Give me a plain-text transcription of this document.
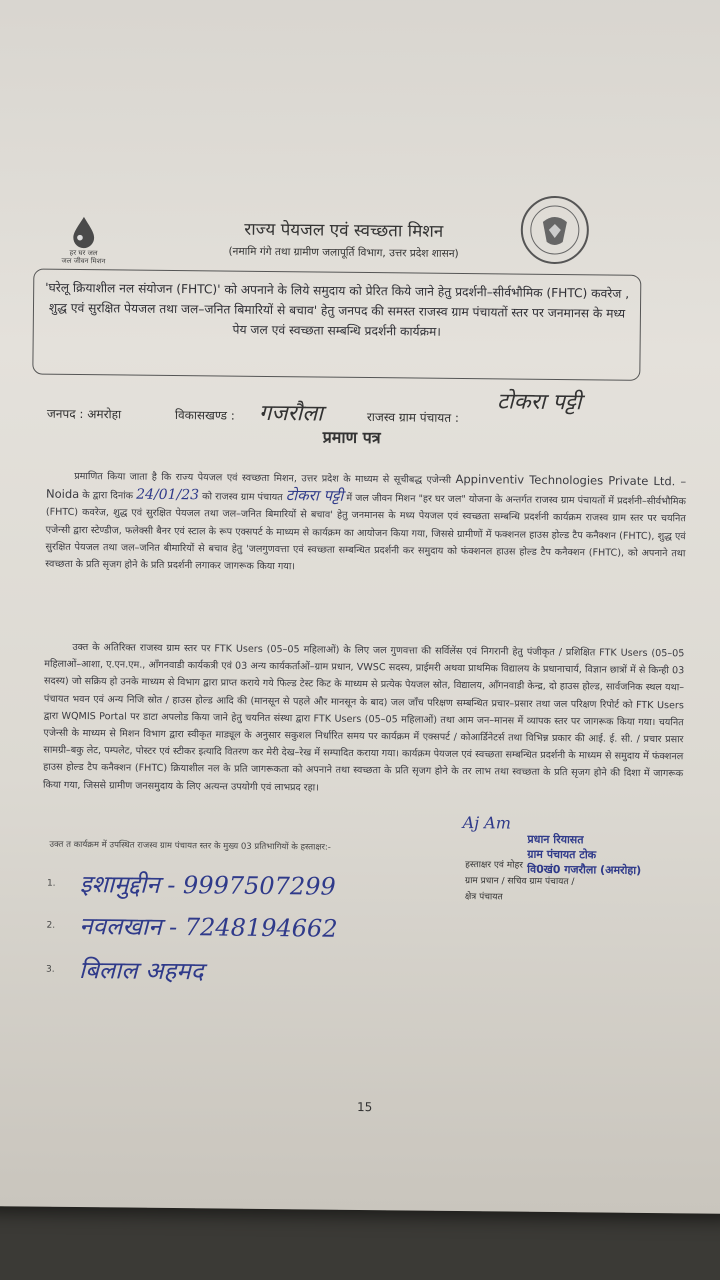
हर घर जल
जल जीवन मिशन
राज्य पेयजल एवं स्वच्छता मिशन
(नमामि गंगे तथा ग्रामीण जलापूर्ति विभाग, उत्तर प्रदेश शासन)
'घरेलू क्रियाशील नल संयोजन (FHTC)' को अपनाने के लिये समुदाय को प्रेरित किये जाने हेतु प्रदर्शनी–सीर्वभौमिक (FHTC) कवरेज , शुद्ध एवं सुरक्षित पेयजल तथा जल–जनित बिमारियों से बचाव' हेतु जनपद की समस्त राजस्व ग्राम पंचायतों स्तर पर जनमानस के मध्य पेय जल एवं स्वच्छता सम्बन्धि प्रदर्शनी कार्यक्रम।
जनपद : अमरोहा	विकासखण्ड : गजरौला	राजस्व ग्राम पंचायत :
टोकरा पट्टी
प्रमाण पत्र

प्रमाणित किया जाता है कि राज्य पेयजल एवं स्वच्छता मिशन, उत्तर प्रदेश के माध्यम से सूचीबद्ध एजेन्सी Appinventiv Technologies Private Ltd. – Noida के द्वारा दिनांक 24/01/23 को राजस्व ग्राम पंचायत टोकरा पट्टी में जल जीवन मिशन "हर घर जल" योजना के अन्तर्गत राजस्व ग्राम पंचायतों में प्रदर्शनी–सीर्वभौमिक (FHTC) कवरेज, शुद्ध एवं सुरक्षित पेयजल तथा जल–जनित बिमारियों से बचाव' हेतु जनमानस के मध्य पेयजल एवं स्वच्छता सम्बन्धि प्रदर्शनी कार्यक्रम राजस्व ग्राम स्तर पर चयनित एजेन्सी द्वारा स्टेण्डीज, फलेक्सी बैनर एवं स्टाल के रूप एक्सपर्ट के माध्यम से कार्यक्रम का आयोजन किया गया, जिससे ग्रामीणों में फक्शनल हाउस होल्ड टैप कनैक्शन (FHTC), शुद्ध एवं सुरक्षित पेयजल तथा जल–जनित बीमारियों से बचाव हेतु 'जलगुणवत्ता एवं स्वच्छता सम्बन्धित प्रदर्शनी कर समुदाय को फंक्शनल हाउस होल्ड टैप कनैक्शन (FHTC), को अपनाने तथा स्वच्छता के प्रति सृजग होने के प्रति प्रदर्शनी लगाकर जागरूक किया गया।

उक्त के अतिरिक्त राजस्व ग्राम स्तर पर FTK Users (05–05 महिलाओं) के लिए जल गुणवत्ता की सर्विलेंस एवं निगरानी हेतु पंजीकृत / प्रशिक्षित FTK Users (05–05 महिलाओं–आशा, ए.एन.एम., आँगनवाडी कार्यकत्री एवं 03 अन्य कार्यकर्ताओं–ग्राम प्रधान, VWSC सदस्य, प्राईमरी अथवा प्राथमिक विद्यालय के प्रधानाचार्य, विज्ञान छात्रों में से किन्ही 03 सदस्य) जो सक्रिय हो उनके माध्यम से विभाग द्वारा प्राप्त कराये गये फिल्ड टेस्ट किट के माध्यम से प्रत्येक पेयजल स्रोत, विद्यालय, आँगनवाडी केन्द्र, दो हाउस होल्ड, सार्वजनिक स्थल यथा–पंचायत भवन एवं अन्य निजि स्रोत / हाउस होल्ड आदि की (मानसून से पहले और मानसून के बाद) जल जाँच परिक्षण सम्बन्धित प्रचार–प्रसार तथा जल परिक्षण रिपोर्ट को FTK Users द्वारा WQMIS Portal पर डाटा अपलोड किया जाने हेतु चयनित संस्था द्वारा FTK Users (05–05 महिलाओं) तथा आम जन–मानस में व्यापक स्तर पर जागरूक किया गया। चयनित एजेन्सी के माध्यम से मिशन विभाग द्वारा स्वीकृत माड्यूल के अनुसार सकुशल निर्धारित समय पर कार्यक्रम में एक्सपर्ट / कोआर्डिनेटर्स तथा विभिन्न प्रकार की आई. ई. सी. / प्रचार प्रसार सामग्री–बकु लेट, पम्पलेट, पोस्टर एवं स्टीकर इत्यादि वितरण कर मेरी देख–रेख में सम्पादित कराया गया। कार्यक्रम पेयजल एवं स्वच्छता सम्बन्धित प्रदर्शनी के माध्यम से समुदाय में फंक्शनल हाउस होल्ड टैप कनैक्शन (FHTC) क्रियाशील नल के प्रति जागरूकता को अपनाने तथा स्वच्छता के प्रति सृजग होने के तर लाभ तथा स्वच्छता के प्रति सृजग होने की दिशा में जागरूक किया गया, जिससे ग्रामीण जनसमुदाय के लिए अत्यन्त उपयोगी एवं लाभप्रद रहा।

Aj Am
प्रधान रियासत
ग्राम पंचायत टोक
वि0खं0 गजरौला (अमरोहा)
उक्त त कार्यक्रम में उपस्थित राजस्व ग्राम पंचायत स्तर के मुख्य 03 प्रतिभागियों के हस्ताक्षर:-
हस्ताक्षर एवं मोहर
ग्राम प्रधान / सचिव ग्राम पंचायत /
क्षेत्र पंचायत
1. इशामुद्दीन - 9997507299
2. नवलखान - 7248194662
3. बिलाल अहमद
15
